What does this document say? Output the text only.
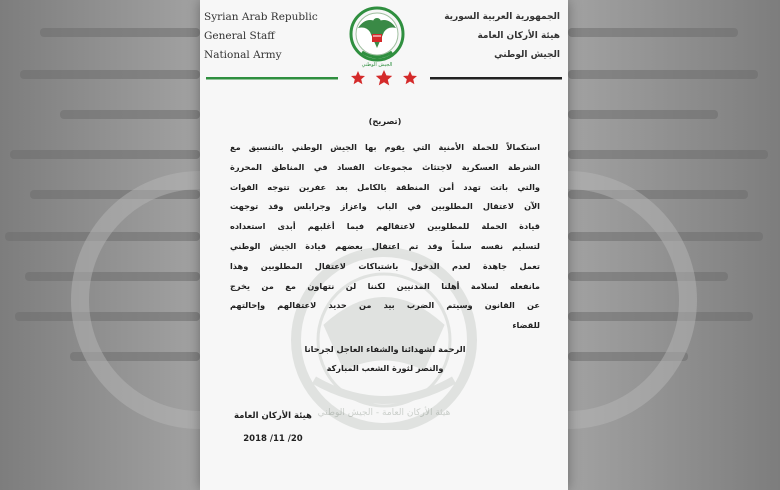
هيئة الأركان العامة - الجيش الوطني
Syrian Arab Republic
General Staff
National Army
الجيش الوطني
الجمهورية العربية السورية
هيئة الأركان العامة
الجيش الوطني
(تصريح)
استكمالاً للحملة الأمنية التي يقوم بها الجيش الوطني بالتنسيق مع
الشرطة العسكرية لاجتثاث مجموعات الفساد في المناطق المحررة
والتي باتت تهدد أمن المنطقة بالكامل بعد عفرين تتوجه القوات
الآن لاعتقال المطلوبين في الباب واعزاز وجرابلس وقد توجهت
قيادة الحملة للمطلوبين لاعتقالهم فيما أغلبهم أبدى استعداده
لتسليم نفسه سلماً وقد تم اعتقال بعضهم قيادة الجيش الوطني
تعمل جاهدة لعدم الدخول باشتباكات لاعتقال المطلوبين وهذا
مانفعله لسلامة أهلنا المدنيين لكننا لن نتهاون مع من يخرج
عن القانون وسيتم الضرب بيد من حديد لاعتقالهم وإحالتهم
للقضاء
الرحمة لشهدائنا والشفاء العاجل لجرحانا
والنصر لثورة الشعب المباركة
هيئة الأركان العامة
2018 /11 /20
